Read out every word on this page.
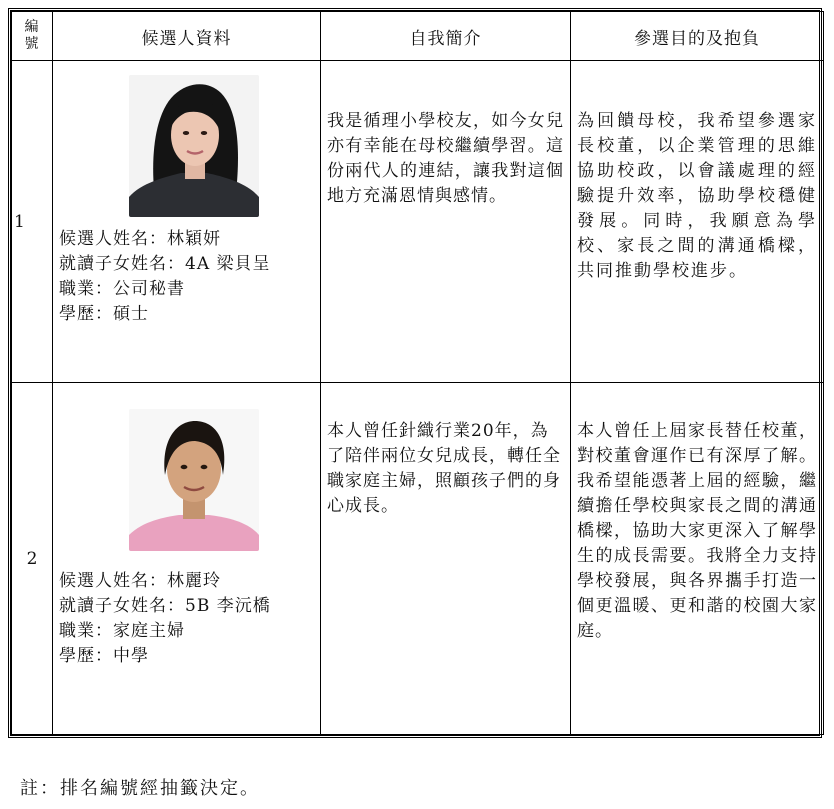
編
號	候選人資料	自我簡介	參選目的及抱負
1	候選人姓名：林穎妍
就讀子女姓名：4A 梁貝呈
職業：公司秘書
學歷：碩士	我是循理小學校友，如今女兒亦有幸能在母校繼續學習。這份兩代人的連結，讓我對這個地方充滿恩情與感情。	為回饋母校，我希望參選家長校董，以企業管理的思維協助校政，以會議處理的經驗提升效率，協助學校穩健發展。同時，我願意為學校、家長之間的溝通橋樑，共同推動學校進步。

2	候選人姓名：林麗玲
就讀子女姓名：5B 李沅橋
職業：家庭主婦
學歷：中學	本人曾任針織行業20年，為了陪伴兩位女兒成長，轉任全職家庭主婦，照顧孩子們的身心成長。	本人曾任上屆家長替任校董，對校董會運作已有深厚了解。我希望能憑著上屆的經驗，繼續擔任學校與家長之間的溝通橋樑，協助大家更深入了解學生的成長需要。我將全力支持學校發展，與各界攜手打造一個更溫暖、更和諧的校園大家庭。
註：排名編號經抽籤決定。
